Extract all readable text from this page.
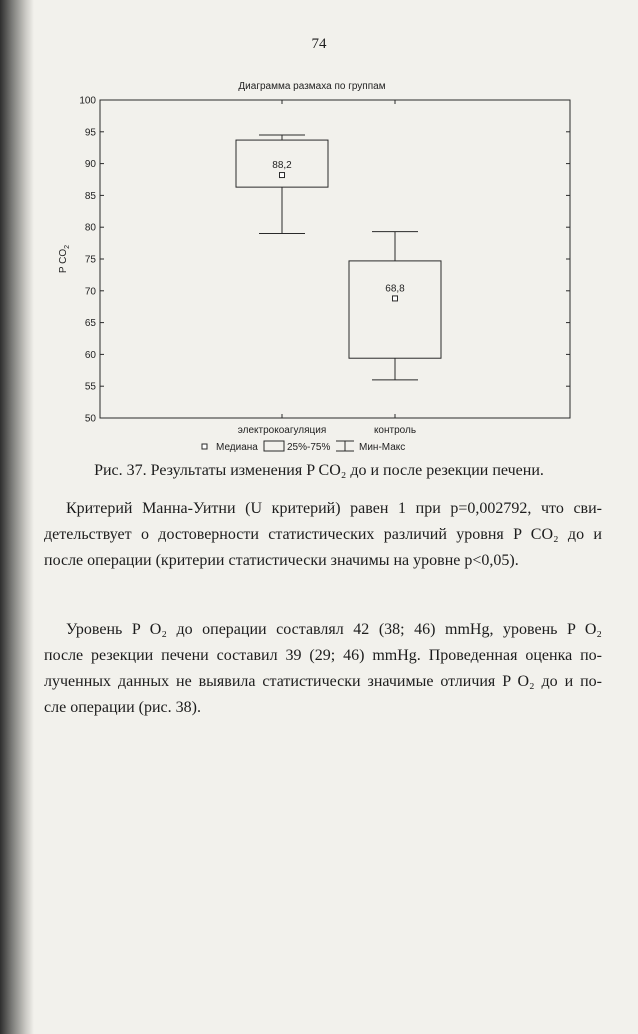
74
Диаграмма размаха по группам
100
95
90
85
80
75
70
65
60
55
50
P $CO_2$
88,2
68,8
электрокоагуляция	контроль
Медиана	25%-75%	Мин-Макс

Рис. 37. Результаты изменения P CO₂ до и после резекции печени.

Критерий Манна-Уитни (U критерий) равен 1 при p=0,002792, что сви-
детельствует о достоверности статистических различий уровня P CO₂ до и
после операции (критерии статистически значимы на уровне p<0,05).
Уровень P O₂ до операции составлял 42 (38; 46) mmHg, уровень P O₂
после резекции печени составил 39 (29; 46) mmHg. Проведенная оценка по-
лученных данных не выявила статистически значимые отличия P O₂ до и по-
сле операции (рис. 38).
